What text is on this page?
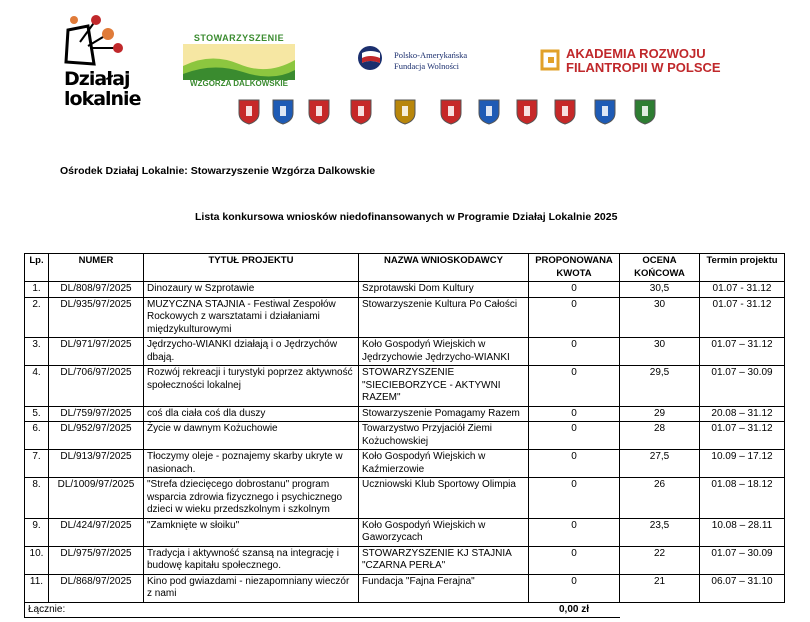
Działaj
lokalnie
STOWARZYSZENIE
WZGÓRZA DALKOWSKIE
Polsko-Amerykańska
Fundacja Wolności
AKADEMIA ROZWOJU
FILANTROPII W POLSCE
Ośrodek Działaj Lokalnie: Stowarzyszenie Wzgórza Dalkowskie
Lista konkursowa wniosków niedofinansowanych w Programie Działaj Lokalnie 2025
Lp.	NUMER	TYTUŁ PROJEKTU	NAZWA WNIOSKODAWCY	PROPONOWANA KWOTA	OCENA KOŃCOWA	Termin projektu
1.	DL/808/97/2025	Dinozaury w Szprotawie	Szprotawski Dom Kultury	0	30,5	01.07 - 31.12
2.	DL/935/97/2025	MUZYCZNA STAJNIA - Festiwal Zespołów Rockowych z warsztatami i działaniami międzykulturowymi	Stowarzyszenie Kultura Po Całości	0	30	01.07 - 31.12
3.	DL/971/97/2025	Jędrzycho-WIANKI działają i o Jędrzychów dbają.	Koło Gospodyń Wiejskich w Jędrzychowie Jędrzycho-WIANKI	0	30	01.07 – 31.12
4.	DL/706/97/2025	Rozwój rekreacji i turystyki poprzez aktywność społeczności lokalnej	STOWARZYSZENIE "SIECIEBORZYCE - AKTYWNI RAZEM"	0	29,5	01.07 – 30.09
5.	DL/759/97/2025	coś dla ciała coś dla duszy	Stowarzyszenie Pomagamy Razem	0	29	20.08 – 31.12
6.	DL/952/97/2025	Życie w dawnym Kożuchowie	Towarzystwo Przyjaciół Ziemi Kożuchowskiej	0	28	01.07 – 31.12
7.	DL/913/97/2025	Tłoczymy oleje - poznajemy skarby ukryte w nasionach.	Koło Gospodyń Wiejskich w Kaźmierzowie	0	27,5	10.09 – 17.12
8.	DL/1009/97/2025	"Strefa dziecięcego dobrostanu" program wsparcia zdrowia fizycznego i psychicznego dzieci w wieku przedszkolnym i szkolnym	Uczniowski Klub Sportowy Olimpia	0	26	01.08 – 18.12
9.	DL/424/97/2025	"Zamknięte w słoiku"	Koło Gospodyń Wiejskich w Gaworzycach	0	23,5	10.08 – 28.11
10.	DL/975/97/2025	Tradycja i aktywność szansą na integrację i budowę kapitału społecznego.	STOWARZYSZENIE KJ STAJNIA "CZARNA PERŁA"	0	22	01.07 – 30.09
11.	DL/868/97/2025	Kino pod gwiazdami - niezapomniany wieczór z nami	Fundacja "Fajna Ferajna"	0	21	06.07 – 31.10
Łącznie:				0,00 zł		
